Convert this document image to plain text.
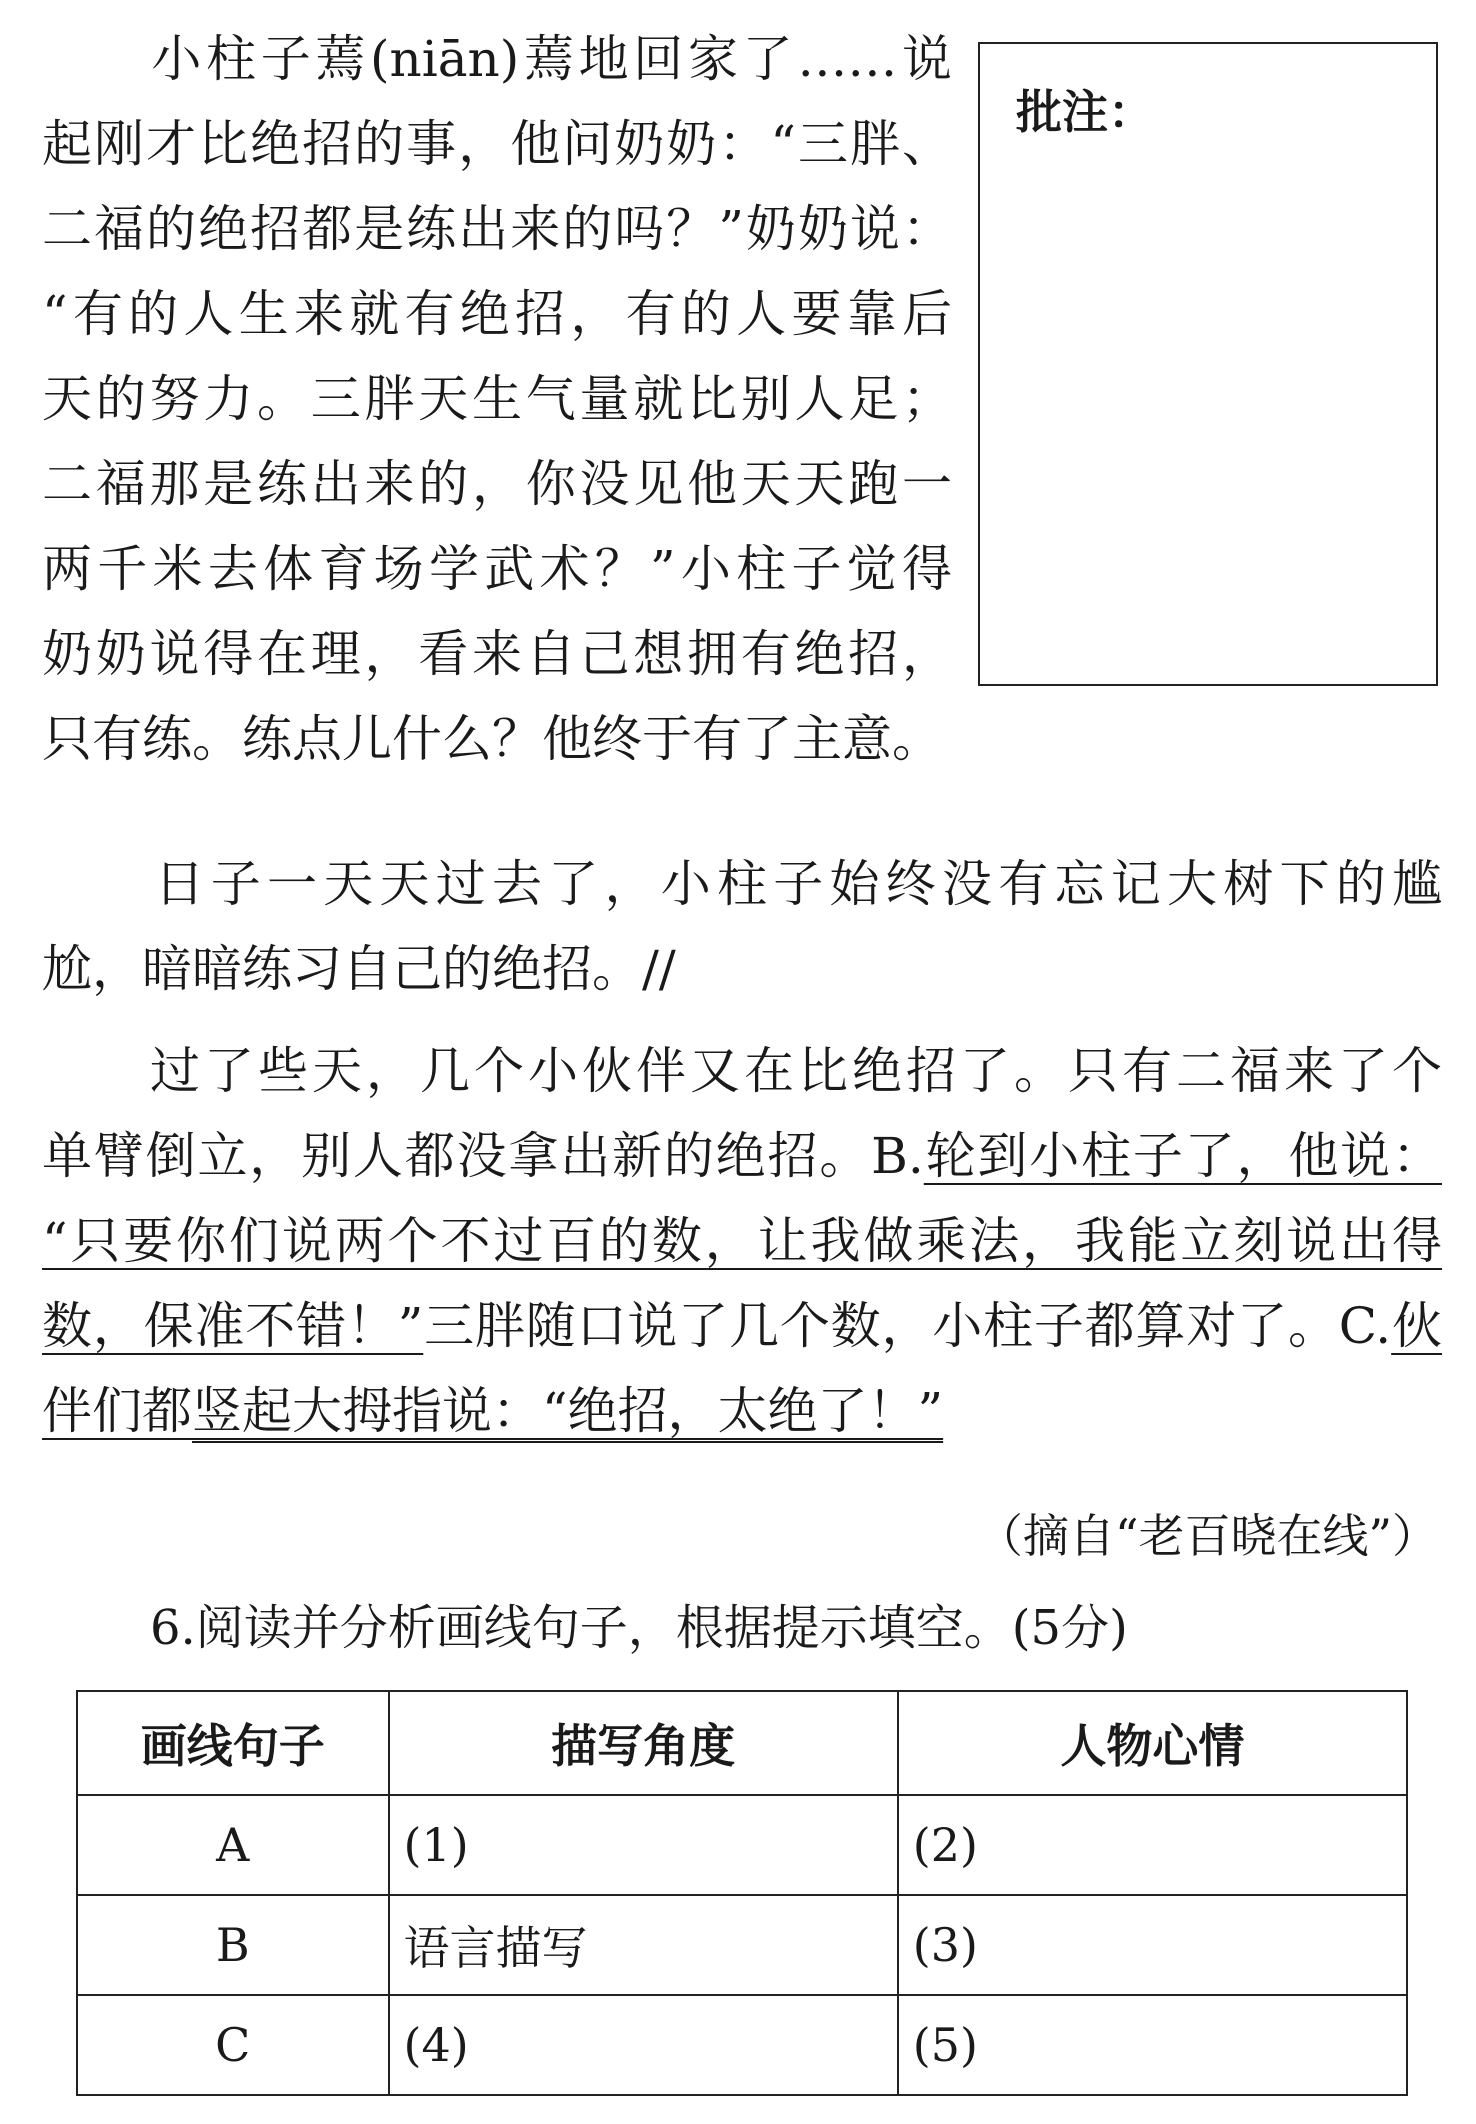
　　小柱子蔫(niān)蔫地回家了……说
起刚才比绝招的事，他问奶奶：“三胖、
二福的绝招都是练出来的吗？”奶奶说：
“有的人生来就有绝招，有的人要靠后
天的努力。三胖天生气量就比别人足；
二福那是练出来的，你没见他天天跑一
两千米去体育场学武术？”小柱子觉得
奶奶说得在理，看来自己想拥有绝招，
只有练。练点儿什么？他终于有了主意。
批注：
　　日子一天天过去了，小柱子始终没有忘记大树下的尴
尬，暗暗练习自己的绝招。//
　　过了些天，几个小伙伴又在比绝招了。只有二福来了个
单臂倒立，别人都没拿出新的绝招。B.轮到小柱子了，他说：
“只要你们说两个不过百的数，让我做乘法，我能立刻说出得
数，保准不错！”三胖随口说了几个数，小柱子都算对了。C.伙
伴们都竖起大拇指说：“绝招，太绝了！”
（摘自“老百晓在线”）
6.阅读并分析画线句子，根据提示填空。(5分)
画线句子	描写角度	人物心情
A	(1)	(2)
B	语言描写	(3)
C	(4)	(5)
